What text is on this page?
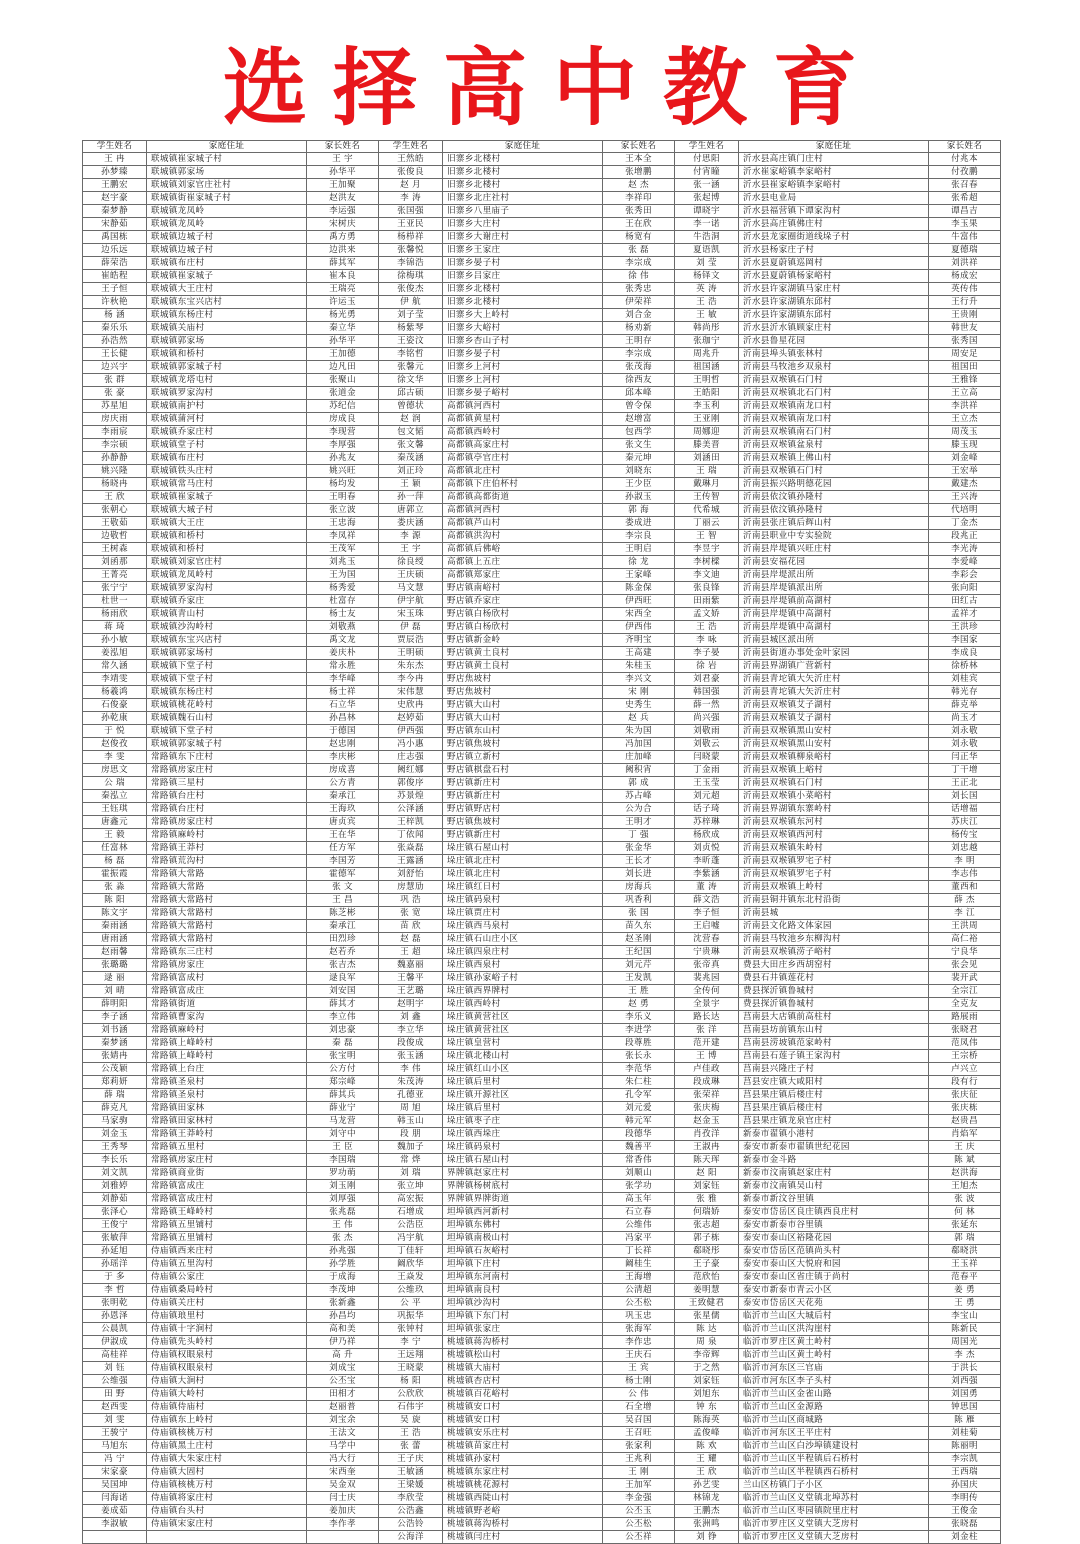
选择高中教育
学生姓名	家庭住址	家长姓名	学生姓名	家庭住址	家长姓名	学生姓名	家庭住址	家长姓名
王 冉	联城镇崔家城子村	王 宇	王然皓	旧寨乡北楼村	王本全	付思阳	沂水县高庄镇门庄村	付兆本
孙梦臻	联城镇郭家场	孙华平	张俊良	旧寨乡北楼村	张增鹏	付宵瞳	沂水崔家峪镇李家峪村	付孜鹏
王鹏宏	联城镇刘家官庄社村	王加聚	赵 月	旧寨乡北楼村	赵 杰	张一涵	沂水县崔家峪镇李家峪村	张召春
赵宇豪	联城镇街崔家城子村	赵洪友	李 涛	旧寨乡北庄社村	李祥印	张起博	沂水县电业局	张希超
秦梦静	联城镇龙凤岭	李运强	张国强	旧寨乡八里庙子	张秀田	谭晓宇	沂水县福营镇下谭家沟村	谭昌吉
宋静茹	联城镇龙凤岭	宋树庆	王亚民	旧寨乡大庄村	王在欣	李一诺	沂水县高庄镇佛庄村	李玉果
禹国栋	联城镇边城子村	禹方勇	杨栉祥	旧寨乡大谢庄村	杨宽有	牛浩洞	沂水县龙家圈街道线垛子村	牛富伟
边乐远	联城镇边城子村	边洪来	张馨悦	旧寨乡王家庄	张 磊	夏语凯	沂水县杨家庄子村	夏德瑞
薛荣浩	联城镇布庄村	薛其军	李锦浩	旧寨乡晏子村	李宗成	刘 莹	沂水县夏蔚镇巡岡村	刘洪祥
崔皓程	联城镇崔家城子	崔本良	徐梅琪	旧寨乡吕家庄	徐 伟	杨铎文	沂水县夏蔚镇杨家峪村	杨成宏
王子恒	联城镇大王庄村	王瑞亮	张俊杰	旧寨乡北楼村	张秀忠	英 涛	沂水县许家湖镇马家庄村	英传伟
许秋艳	联城镇东宝兴店村	许运玉	伊 航	旧寨乡北楼村	伊荣祥	王 浩	沂水县许家湖镇东邱村	王行升
杨 涵	联城镇东杨庄村	杨光勇	刘子莹	旧寨乡大上岭村	刘合金	王 敏	沂水县许家湖镇东邱村	王贵刚
秦乐乐	联城镇关庙村	秦立华	杨紫琴	旧寨乡大峪村	杨劝新	韩尚彤	沂水县沂水镇顾家庄村	韩世友
孙浩然	联城镇郭家场	孙华平	王姿汶	旧寨乡杏山子村	王明存	张珈宁	沂水县鲁星花园	张秀国
王长健	联城镇和桥村	王加德	李铭哲	旧寨乡晏子村	李宗成	周兆升	沂南县埠头镇张林村	周安足
边兴宇	联城镇郭家城子村	边凡田	张馨元	旧寨乡上河村	张茂海	祖国涵	沂南县马牧池乡双泉村	祖国田
张 群	联城镇龙塔屯村	张聚山	徐文华	旧寨乡上河村	徐西友	王明哲	沂南县双堠镇石门村	王雅锋
张 豪	联城镇罗家沟村	张道金	邱古硕	旧寨乡晏子峪村	邱本峰	王皓阳	沂南县双堠镇北石门村	王立高
苏星旭	联城镇南护村	苏纪信	曾德状	高都镇河西村	曾令保	李玉利	沂南县双堠镇南龙口村	李洪祥
房庆雨	联城镇蒲河村	房成良	赵 润	高都镇黄星村	赵增富	王亚刚	沂南县双堠镇南龙口村	王立杰
李雨宸	联城镇乔家庄村	李现营	包文韬	高都镇西岭村	包西学	周娜迎	沂南县双堠镇南石门村	周茂玉
李宗硕	联城镇堂子村	李厚强	张文馨	高都镇高家庄村	张文生	滕美晋	沂南县双堠镇盆泉村	滕玉现
孙静静	联城镇布庄村	孙兆友	秦茂涵	高都镇亭官庄村	秦元坤	刘涵田	沂南县双堠镇上佛山村	刘金峰
姚兴隆	联城镇铁头庄村	姚兴旺	刘正玲	高都镇北庄村	刘晓东	王 瑞	沂南县双堠镇石门村	王宏举
杨晓冉	联城镇常马庄村	杨均发	王 颖	高都镇下庄伯杯村	王少臣	戴琳月	沂南县振兴路明德花园	戴建杰
王 欣	联城镇崔家城子	王明春	孙一萍	高都镇高都街道	孙淑玉	王传智	沂南县依汶镇孙隆村	王兴涛
张朝心	联城镇大城子村	张立波	唐郭立	高都镇河西村	郭 海	代希城	沂南县依汶镇孙隆村	代培明
王敬茹	联城镇大王庄	王忠海	娄庆涵	高都镇芦山村	娄成进	丁丽云	沂南县张庄镇后辉山村	丁金杰
边敬哲	联城镇和桥村	李凤祥	李 源	高都镇洪沟村	李宗良	王 智	沂南县职业中专实验院	段兆正
王树森	联城镇和桥村	王茂军	王 宇	高都镇后佛峪	王明启	李昱宇	沂南县岸堤镇兴旺庄村	李光涛
刘函那	联城镇刘家官庄村	刘兆玉	徐良绶	高都镇上五庄	徐 龙	李树樑	沂南县安福花园	李爱峰
王菁亮	联城镇龙凤岭村	王为国	王庆硕	高都镇郑家庄	王家峰	李文迪	沂南县岸堤派出所	李彩会
张宁宁	联城镇罗家沟村	杨秀爱	马文慧	野店镇南峪村	陈金保	张良锋	沂南县岸堤镇派出所	张向阳
杜世一	联城镇乔家庄	杜富存	伊宇航	野店镇乔家庄	伊西旺	田雨紫	沂南县岸堤镇前高湖村	田红古
杨雨欣	联城镇青山村	杨士友	宋玉珠	野店镇白杨欣村	宋西全	孟文娇	沂南县岸堤镇中高湖村	孟祥才
蒋 琦	联城镇沙沟岭村	刘敬燕	伊 磊	野店镇白杨欣村	伊西伟	王 浩	沂南县岸堤镇中高湖村	王洪珍
孙小敏	联城镇东宝兴店村	禹文龙	贾辰浩	野店镇新金岭	齐明宝	李 咏	沂南县城区派出所	李国家
姜泓旭	联城镇郭家场村	姜庆朴	王明硕	野店镇黄土良村	王高建	李子晏	沂南县街道办事处金叶家园	李成良
常久涵	联城镇下堂子村	常永胜	朱东杰	野店镇黄土良村	朱桂玉	徐 岩	沂南县界湖镇广营新村	徐桥林
李靖雯	联城镇下堂子村	李华峰	李今冉	野店焦坡村	李兴文	刘君豪	沂南县青坨镇大矢沂庄村	刘桂宾
杨羲鸿	联城镇东杨庄村	杨士祥	宋伟慧	野店焦坡村	宋 刚	韩国强	沂南县青坨镇大矢沂庄村	韩光存
石俊豪	联城镇桃花岭村	石立华	史欣冉	野店镇大山村	史秀生	薛一然	沂南县双堠镇艾子湖村	薛克举
孙乾康	联城镇魏石山村	孙昌林	赵婷茹	野店镇大山村	赵 兵	尚兴强	沂南县双堠镇艾子湖村	尚玉才
于 悦	联城镇下堂子村	于德国	伊西强	野店镇东山村	朱为国	刘敬雨	沂南县双堠镇黑山安村	刘永敬
赵俊孜	联城镇郭家城子村	赵忠刚	冯小惠	野店镇焦坡村	冯加国	刘敬云	沂南县双堠镇黑山安村	刘永敬
李 雯	常路镇东下庄村	李庆彬	庄志强	野店镇立新村	庄加峰	闫晓蒙	沂南县双堠镇柳泉峪村	闫正华
房思文	常路镇房家庄村	房成喜	阙红娜	野店镇棋盘石村	阙积宵	丁金雨	沂南县双堠镇上峪村	丁干增
公 瑞	常路镇三星村	公方青	郭俊序	野店镇新庄村	郭 成	王玉莹	沂南县双堠镇石门村	王正北
秦泓立	常路镇台庄村	秦承江	苏景煌	野店镇新庄村	苏占峰	刘元超	沂南县双堠镇小菜峪村	刘长国
王钰琪	常路镇台庄村	王海玖	公泽涵	野店镇野店村	公为合	话子琦	沂南县界湖镇东寨岭村	话增福
唐鑫元	常路镇房家庄村	唐贞宾	王梓凯	野店镇焦坡村	王明才	苏梓琳	沂南县双堠镇东河村	苏庆江
王 毅	常路镇麻岭村	王在华	丁依闻	野店镇新庄村	丁 强	杨欣成	沂南县双堠镇西河村	杨传宝
任富林	常路镇王莽村	任方军	张焱磊	垛庄镇石屋山村	张金华	刘贞悦	沂南县双堠镇朱岭村	刘忠越
杨 磊	常路镇荒沟村	李国芳	王露涵	垛庄镇北庄村	王长才	李昕蓬	沂南县双堠镇罗宅子村	李 明
霍振霞	常路镇大常路	霍德军	刘舒怡	垛庄镇北庄村	刘长进	李紫涵	沂南县双堠镇罗宅子村	李志伟
张 淼	常路镇大常路	张 文	房慧劢	垛庄镇红日村	房海兵	董 涛	沂南县双堠镇上岭村	董西和
陈 阳	常路镇大常路村	王 昌	巩 浩	垛庄镇码泉村	巩香利	薛文浩	沂南县铜井镇东北村沿街	薛 杰
陈文宇	常路镇大常路村	陈芝彬	张 宽	垛庄镇贾庄村	张 国	李子恒	沂南县城	李 江
秦雨涵	常路镇大常路村	秦承江	苗 欣	垛庄镇西马泉村	苗久东	王启嘘	沂南县文化路文体家园	王洪周
唐雨涵	常路镇大常路村	田烈珍	赵 磊	垛庄镇石山庄小区	赵圣刚	沈营春	沂南县马牧池乡东柳沟村	高仁裕
赵雨馨	常路镇东三庄村	赵若乔	王 超	垛庄镇四泉庄村	王纪国	宁贵琳	沂南县双堠镇涝子峪村	宁良华
张璐璐	常路镇房家庄	张吉杰	魏嘉丽	垛庄镇西泉村	刘元芹	张帝真	费县大田庄乡西胡窑村	张会见
逯 丽	常路镇富成村	逯良军	王馨平	垛庄镇孙家峪子村	王发凯	裴兆园	费县石井镇莲花村	裴开武
刘 晴	常路镇富成庄	刘安国	王艺璐	垛庄镇西界牌村	王 胜	全传何	费县探沂镇鲁城村	全宗江
薛明阳	常路镇街道	薛其才	赵明宇	垛庄镇西岭村	赵 勇	全景宇	费县探沂镇鲁城村	全克友
李子涵	常路镇曹家沟	李立伟	刘 鑫	垛庄镇黄营社区	李乐义	路长达	莒南县大店镇前高柱村	路展雨
刘书涵	常路镇麻岭村	刘忠豪	李立华	垛庄镇黄营社区	李进学	张 洋	莒南县坊前镇东山村	张晓君
秦梦涵	常路镇上峰岭村	秦 磊	段俊成	垛庄镇皇营村	段尊胜	范开建	莒南县涝坡镇范家岭村	范凤伟
张婧冉	常路镇上峰岭村	张宝明	张玉涵	垛庄镇北楼山村	张长永	王 博	莒南县石莲子镇王家沟村	王宗桥
公茂颖	常路镇上台庄	公方付	李 伟	垛庄镇红山小区	李范华	卢佳政	莒南县兴隆庄子村	卢兴立
郑莉妍	常路镇圣泉村	郑宗峰	朱茂涛	垛庄镇后里村	朱仁柱	段成琳	莒县安庄镇大咸阳村	段有行
薛 瑞	常路镇圣泉村	薛其兵	孔德亚	垛庄镇开源社区	孔令军	张荣祥	莒县果庄镇后楼庄村	张庆征
薛克凡	常路镇田家林	薛业宁	周 旭	垛庄镇后里村	刘元爱	张庆梅	莒县果庄镇后楼庄村	张庆栋
马家驹	常路镇田家林村	马龙营	韩玉山	垛庄镇枣子庄	韩元军	赵金玉	莒县果庄镇龙泉官庄村	赵贵昌
刘金玉	常路镇王莽岭村	刘守中	段 朋	垛庄镇西垛庄	段德华	肖孜洋	新泰市翟镇小港村	肖焰军
王秀琴	常路镇五里村	王 臣	魏加子	垛庄镇码泉村	魏善平	王淑冉	泰安市新泰市翟镇世纪花园	王 庆
李长乐	常路镇房家庄村	李国瑞	常 烨	垛庄镇石屋山村	常香伟	陈天珲	新泰市金斗路	陈 斌
刘文凯	常路镇商业街	罗功萌	刘 瑞	界牌镇赵家庄村	刘顺山	赵 阳	新泰市汶南镇赵家庄村	赵洪海
刘雅婷	常路镇富成庄	刘玉刚	张立坤	界牌镇杨树底村	张学功	刘家钰	新泰市汶南镇吴山村	王旭杰
刘静茹	常路镇富成庄村	刘厚强	高宏振	界牌镇界牌街道	高玉年	张 雅	新泰市新汶谷里镇	张 波
张泽心	常路镇王峰岭村	张兆磊	石增成	坦埠镇西河新村	石立春	何瑞娇	泰安市岱岳区良庄镇西良庄村	何 林
王俊宁	常路镇五里铺村	王 伟	公浩臣	坦埠镇东佛村	公维伟	张志超	泰安市新泰市谷里镇	张延东
张敏萍	常路镇五里铺村	张 杰	冯宇航	坦埠镇南极山村	冯家平	郭子栋	泰安市泰山区裕隆花园	郭 瑞
孙延旭	侍庙镇西来庄村	孙兆强	丁佳轩	坦埠镇石灰峪村	丁长祥	郗晓彤	泰安市岱岳区范镇尚头村	郗晓洪
孙瑶洋	侍庙镇五里沟村	孙学胜	阚欣华	坦埠镇下庄村	阚桂生	王子豪	泰安市泰山区大悦府和园	王玉祥
于 多	侍庙镇公家庄	于成海	王焱发	坦埠镇东河南村	王海增	范欣怡	泰安市泰山区省庄镇于尚村	范春平
李 哲	侍庙镇桑局岭村	李茂坤	公维玖	坦埠镇南良村	公清超	姜明慧	泰安市新泰市青云小区	姜 勇
张明乾	侍庙镇关庄村	张新鑫	公 平	坦埠镇沙沟村	公丕松	王致健君	泰安市岱岳区天花苑	王 勇
孙恩泽	侍庙镇琅里村	孙昌均	巩振华	坦埠镇下东门村	巩玉忠	张星儒	临沂市兰山区大城后村	李宝山
公晨凯	侍庙镇十字涧村	高和美	张钟村	坦埠镇张家庄	张海军	陈 达	临沂市兰山区洪沟崖村	陈新民
伊淑成	侍庙镇先头岭村	伊乃祥	李 宁	桃墟镇蒋沟桥村	李作忠	周 泉	临沂市罗庄区黄土岭村	周国光
高桂祥	侍庙镇权眼泉村	高 升	王远翔	桃墟镇松山村	王庆石	李帝辉	临沂市兰山区黄土岭村	李 杰
刘 钰	侍庙镇权眼泉村	刘成宝	王晓蒙	桃墟镇大庙村	王 宾	于之然	临沂市河东区三官庙	于洪长
公维强	侍庙镇大涧村	公丕宝	杨 阳	桃墟镇杏店村	杨士刚	刘家钰	临沂市河东区李子头村	刘西强
田 野	侍庙镇大岭村	田相才	公欣欣	桃墟镇百花峪村	公 伟	刘旭东	临沂市兰山区金雀山路	刘国勇
赵西雯	侍庙镇侍庙村	赵丽普	石伟宇	桃墟镇安口村	石全增	钟 东	临沂市兰山区金源路	钟思国
刘 雯	侍庙镇东上岭村	刘宝余	吴 旋	桃墟镇安口村	吴召国	陈海英	临沂市兰山区商城路	陈 雁
王骏宁	侍庙镇核桃万村	王法文	王 浩	桃墟镇安乐庄村	王召旺	孟俊峰	临沂市河东区王平庄村	刘桂菊
马旭东	侍庙镇黑土庄村	马学中	张 蕾	桃墟镇苗家庄村	张家利	陈 欢	临沂市兰山区白沙埠镇建设村	陈丽明
冯 宁	侍庙镇大朱家庄村	冯大行	王子庆	桃墟镇孙家村	王兆利	王 耀	临沂市兰山区半程镇后石桥村	李宗凯
宋家豪	侍庙镇大固村	宋西奎	王敏涵	桃墟镇东家庄村	王 刚	王 欣	临沂市兰山区半程镇西石桥村	王西瑞
吴国坤	侍庙镇核桃万村	吴金双	王梁媛	桃墟镇桃花源村	王加军	孙艺雯	兰山区枋镇门子小区	孙国庆
闫海诺	侍庙镇将家庄村	闫士庆	李欣莹	桃墟镇西陡山村	李金强	林锦龙	临沂市兰山区义堂镇北埠苏村	李明传
姜成茹	侍庙镇台头村	姜加庆	公浩鑫	桃墟镇野老峪	公丕玉	王鹏杰	临沂市兰山区枣园镇院里庄村	王俊金
李淑敏	侍庙镇宋家庄村	李作孝	公浩铃	桃墟镇蒋沟桥村	公丕松	张洲鸣	临沂市罗庄区义堂镇大芝房村	张晓磊
			公海洋	桃墟镇闫庄村	公丕祥	刘 铮	临沂市罗庄区义堂镇大芝房村	刘金柱
